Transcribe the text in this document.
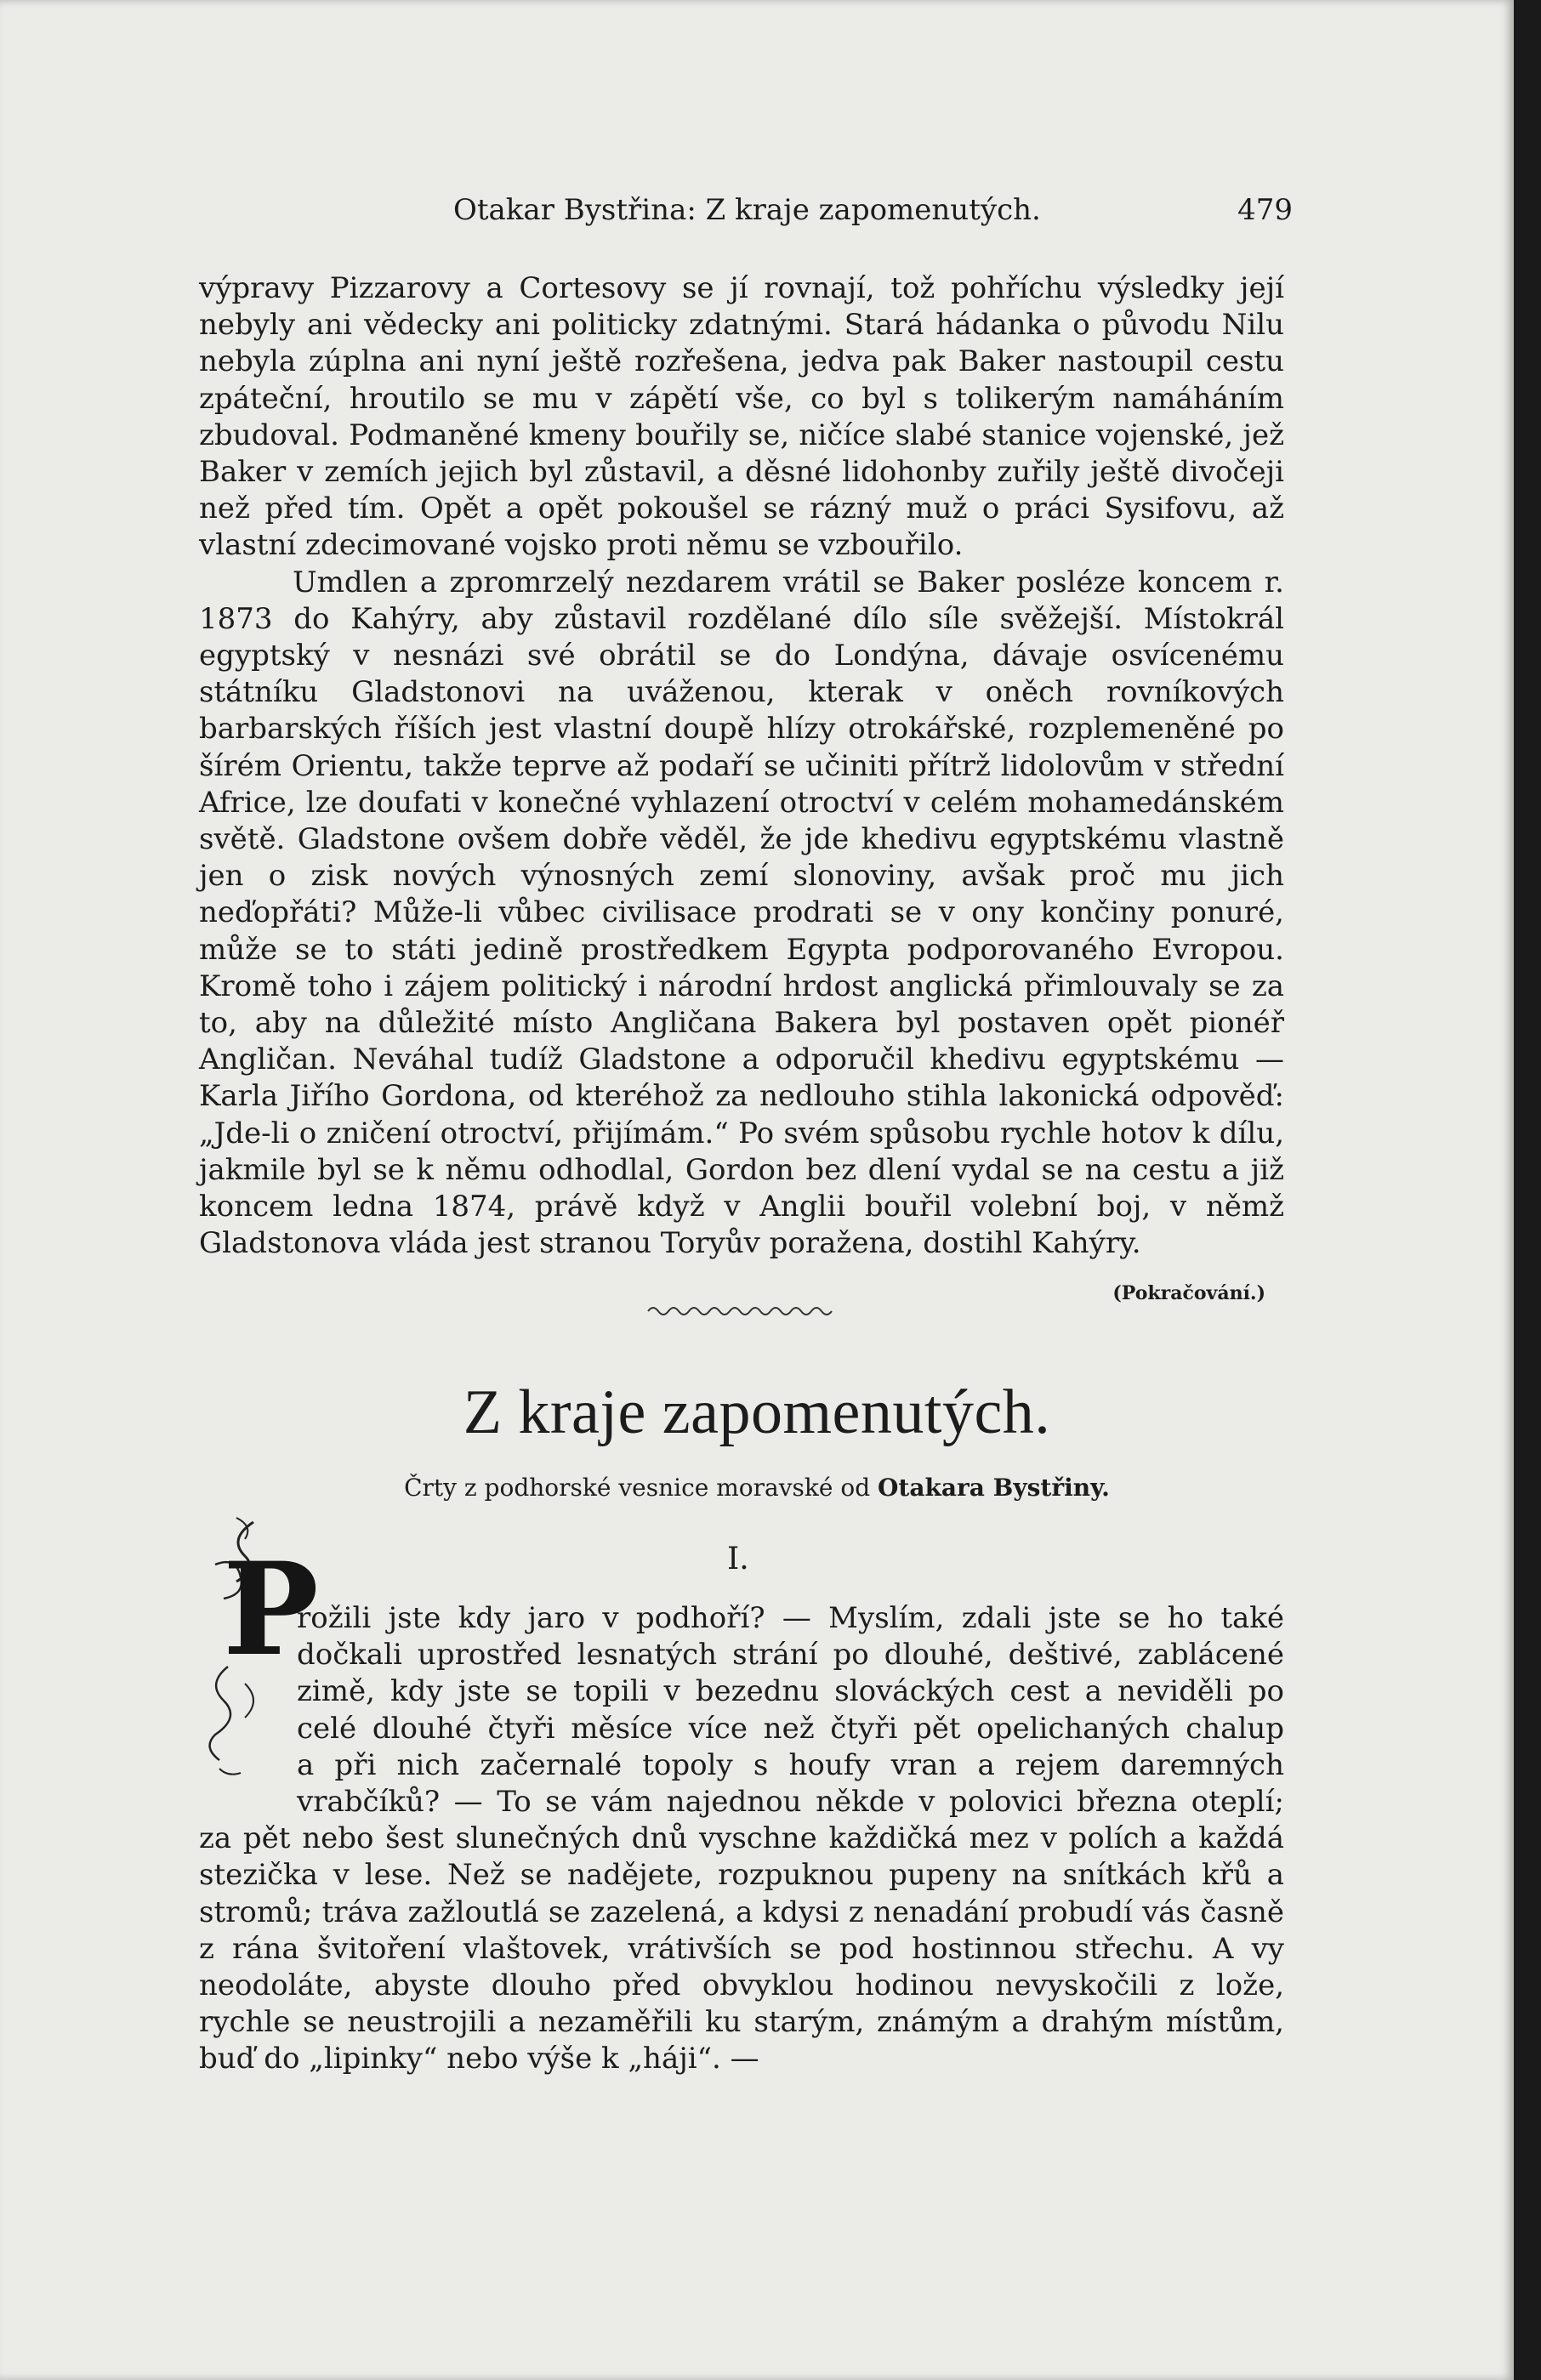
Otakar Bystřina: Z kraje zapomenutých.	479

výpravy Pizzarovy a Cortesovy se jí rovnají, tož pohříchu výsledky její nebyly ani vědecky ani politicky zdatnými. Stará hádanka o původu Nilu nebyla zúplna ani nyní ještě rozřešena, jedva pak Baker nastoupil cestu zpáteční, hroutilo se mu v zápětí vše, co byl s tolikerým namáháním zbudoval. Podmaněné kmeny bouřily se, ničíce slabé stanice vojenské, jež Baker v zemích jejich byl zůstavil, a děsné lidohonby zuřily ještě divočeji než před tím. Opět a opět pokoušel se rázný muž o práci Sysifovu, až vlastní zdecimované vojsko proti němu se vzbouřilo.

Umdlen a zpromrzelý nezdarem vrátil se Baker posléze koncem r. 1873 do Kahýry, aby zůstavil rozdělané dílo síle svěžejší. Místokrál egyptský v nesnázi své obrátil se do Londýna, dávaje osvícenému státníku Gladstonovi na uváženou, kterak v oněch rovníkových barbarských říších jest vlastní doupě hlízy otrokářské, rozplemeněné po šírém Orientu, takže teprve až podaří se učiniti přítrž lidolovům v střední Africe, lze doufati v konečné vyhlazení otroctví v celém mohamedánském světě. Gladstone ovšem dobře věděl, že jde khedivu egyptskému vlastně jen o zisk nových výnosných zemí slonoviny, avšak proč mu jich neďopřáti? Může-li vůbec civilisace prodrati se v ony končiny ponuré, může se to státi jedině prostředkem Egypta podporovaného Evropou. Kromě toho i zájem politický i národní hrdost anglická přimlouvaly se za to, aby na důležité místo Angličana Bakera byl postaven opět pionéř Angličan. Neváhal tudíž Gladstone a odporučil khedivu egyptskému — Karla Jiřího Gordona, od kteréhož za nedlouho stihla lakonická odpověď: „Jde-li o zničení otroctví, přijímám.“ Po svém spůsobu rychle hotov k dílu, jakmile byl se k němu odhodlal, Gordon bez dlení vydal se na cestu a již koncem ledna 1874, právě když v Anglii bouřil volební boj, v němž Gladstonova vláda jest stranou Toryův poražena, dostihl Kahýry.

(Pokračování.)
Z kraje zapomenutých.
Črty z podhorské vesnice moravské od Otakara Bystřiny.
I.
P
rožili jste kdy jaro v podhoří? — Myslím, zdali jste se ho také
dočkali uprostřed lesnatých strání po dlouhé, deštivé, zablácené
zimě, kdy jste se topili v bezednu slováckých cest a neviděli po
celé dlouhé čtyři měsíce více než čtyři pět opelichaných chalup
a při nich začernalé topoly s houfy vran a rejem daremných
vrabčíků? — To se vám najednou někde v polovici března oteplí;

za pět nebo šest slunečných dnů vyschne každičká mez v polích a každá stezička v lese. Než se nadějete, rozpuknou pupeny na snítkách křů a stromů; tráva zažloutlá se zazelená, a kdysi z nenadání probudí vás časně z rána švitoření vlaštovek, vrátivších se pod hostinnou střechu. A vy neodoláte, abyste dlouho před obvyklou hodinou nevyskočili z lože, rychle se neustrojili a nezaměřili ku starým, známým a drahým místům, buď do „lipinky“ nebo výše k „háji“. —
